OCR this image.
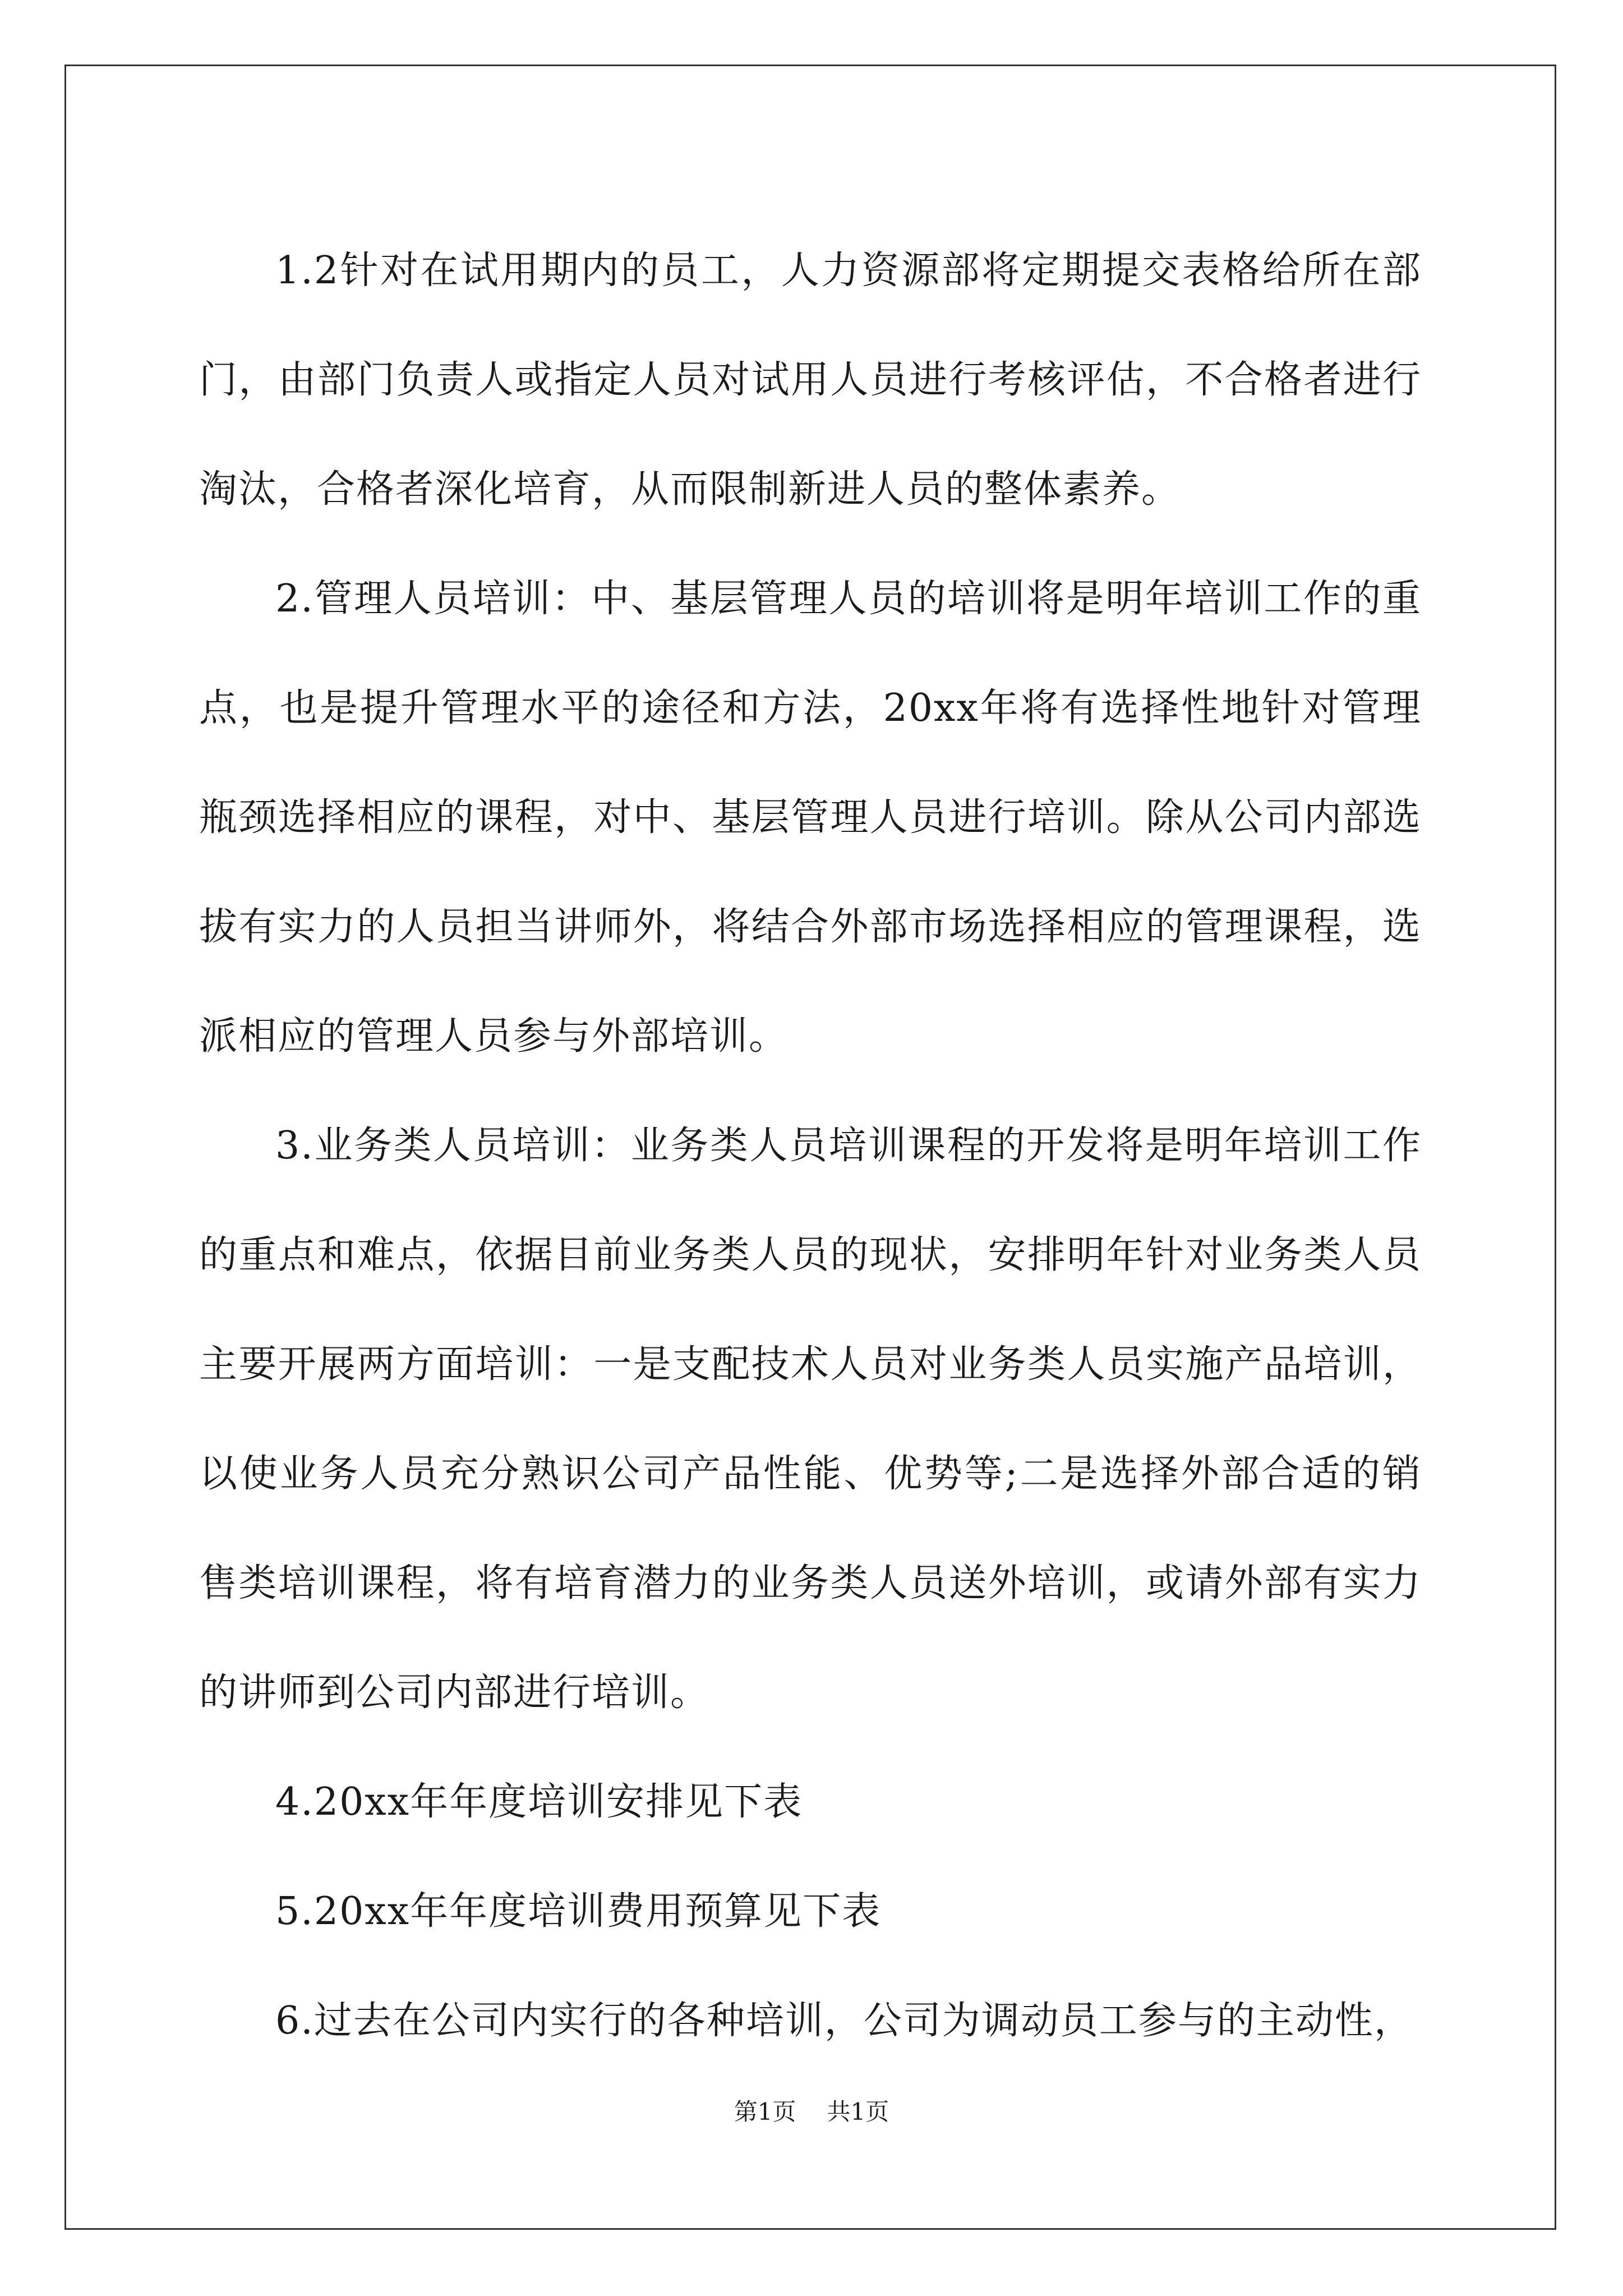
1.2针对在试用期内的员工，人力资源部将定期提交表格给所在部门，由部门负责人或指定人员对试用人员进行考核评估，不合格者进行淘汰，合格者深化培育，从而限制新进人员的整体素养。

2.管理人员培训：中、基层管理人员的培训将是明年培训工作的重点，也是提升管理水平的途径和方法，20xx年将有选择性地针对管理瓶颈选择相应的课程，对中、基层管理人员进行培训。除从公司内部选拔有实力的人员担当讲师外，将结合外部市场选择相应的管理课程，选派相应的管理人员参与外部培训。

3.业务类人员培训：业务类人员培训课程的开发将是明年培训工作的重点和难点，依据目前业务类人员的现状，安排明年针对业务类人员主要开展两方面培训：一是支配技术人员对业务类人员实施产品培训，以使业务人员充分熟识公司产品性能、优势等;二是选择外部合适的销售类培训课程，将有培育潜力的业务类人员送外培训，或请外部有实力的讲师到公司内部进行培训。

4.20xx年年度培训安排见下表

5.20xx年年度培训费用预算见下表

6.过去在公司内实行的各种培训，公司为调动员工参与的主动性，

第1页 共1页
